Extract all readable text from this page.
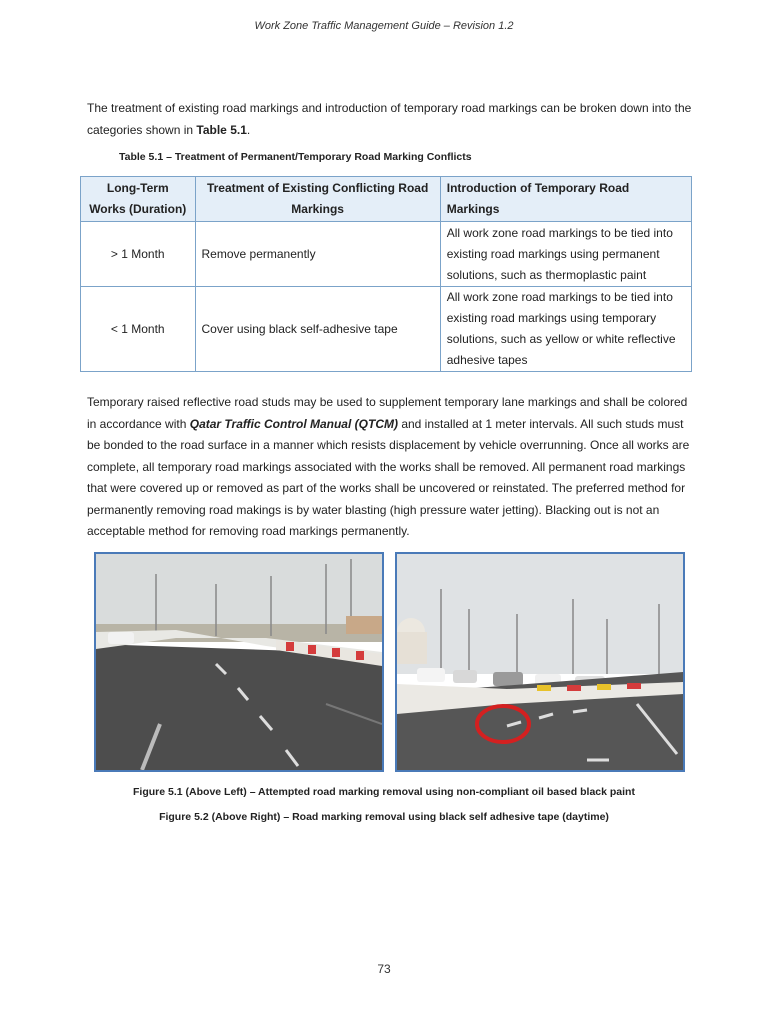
Work Zone Traffic Management Guide – Revision 1.2

The treatment of existing road markings and introduction of temporary road markings can be broken down into the categories shown in Table 5.1.

Table 5.1 – Treatment of Permanent/Temporary Road Marking Conflicts
Long-Term Works (Duration)	Treatment of Existing Conflicting Road Markings	Introduction of Temporary Road Markings
> 1 Month	Remove permanently	All work zone road markings to be tied into existing road markings using permanent solutions, such as thermoplastic paint
< 1 Month	Cover using black self-adhesive tape	All work zone road markings to be tied into existing road markings using temporary solutions, such as yellow or white reflective adhesive tapes

Temporary raised reflective road studs may be used to supplement temporary lane markings and shall be colored in accordance with Qatar Traffic Control Manual (QTCM) and installed at 1 meter intervals. All such studs must be bonded to the road surface in a manner which resists displacement by vehicle overrunning. Once all works are complete, all temporary road markings associated with the works shall be removed. All permanent road markings that were covered up or removed as part of the works shall be uncovered or reinstated. The preferred method for permanently removing road makings is by water blasting (high pressure water jetting). Blacking out is not an acceptable method for removing road markings permanently.

Figure 5.1 (Above Left) – Attempted road marking removal using non-compliant oil based black paint
Figure 5.2 (Above Right) – Road marking removal using black self adhesive tape (daytime)
73
